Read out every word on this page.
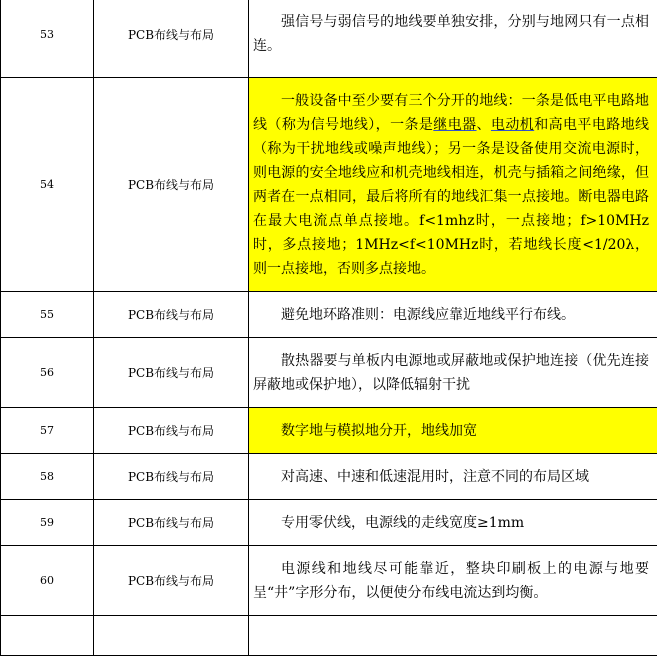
53	PCB布线与布局	强信号与弱信号的地线要单独安排，分别与地网只有一点相连。
54	PCB布线与布局	一般设备中至少要有三个分开的地线：一条是低电平电路地线（称为信号地线），一条是继电器、电动机和高电平电路地线（称为干扰地线或噪声地线）；另一条是设备使用交流电源时，则电源的安全地线应和机壳地线相连，机壳与插箱之间绝缘，但两者在一点相同，最后将所有的地线汇集一点接地。断电器电路在最大电流点单点接地。f<1mhz时，一点接地；f>10MHz时，多点接地；1MHz<f<10MHz时，若地线长度<1/20λ，则一点接地，否则多点接地。
55	PCB布线与布局	避免地环路准则：电源线应靠近地线平行布线。
56	PCB布线与布局	散热器要与单板内电源地或屏蔽地或保护地连接（优先连接屏蔽地或保护地），以降低辐射干扰
57	PCB布线与布局	数字地与模拟地分开，地线加宽
58	PCB布线与布局	对高速、中速和低速混用时，注意不同的布局区域
59	PCB布线与布局	专用零伏线，电源线的走线宽度≥1mm
60	PCB布线与布局	电源线和地线尽可能靠近，整块印刷板上的电源与地要呈“井”字形分布，以便使分布线电流达到均衡。
